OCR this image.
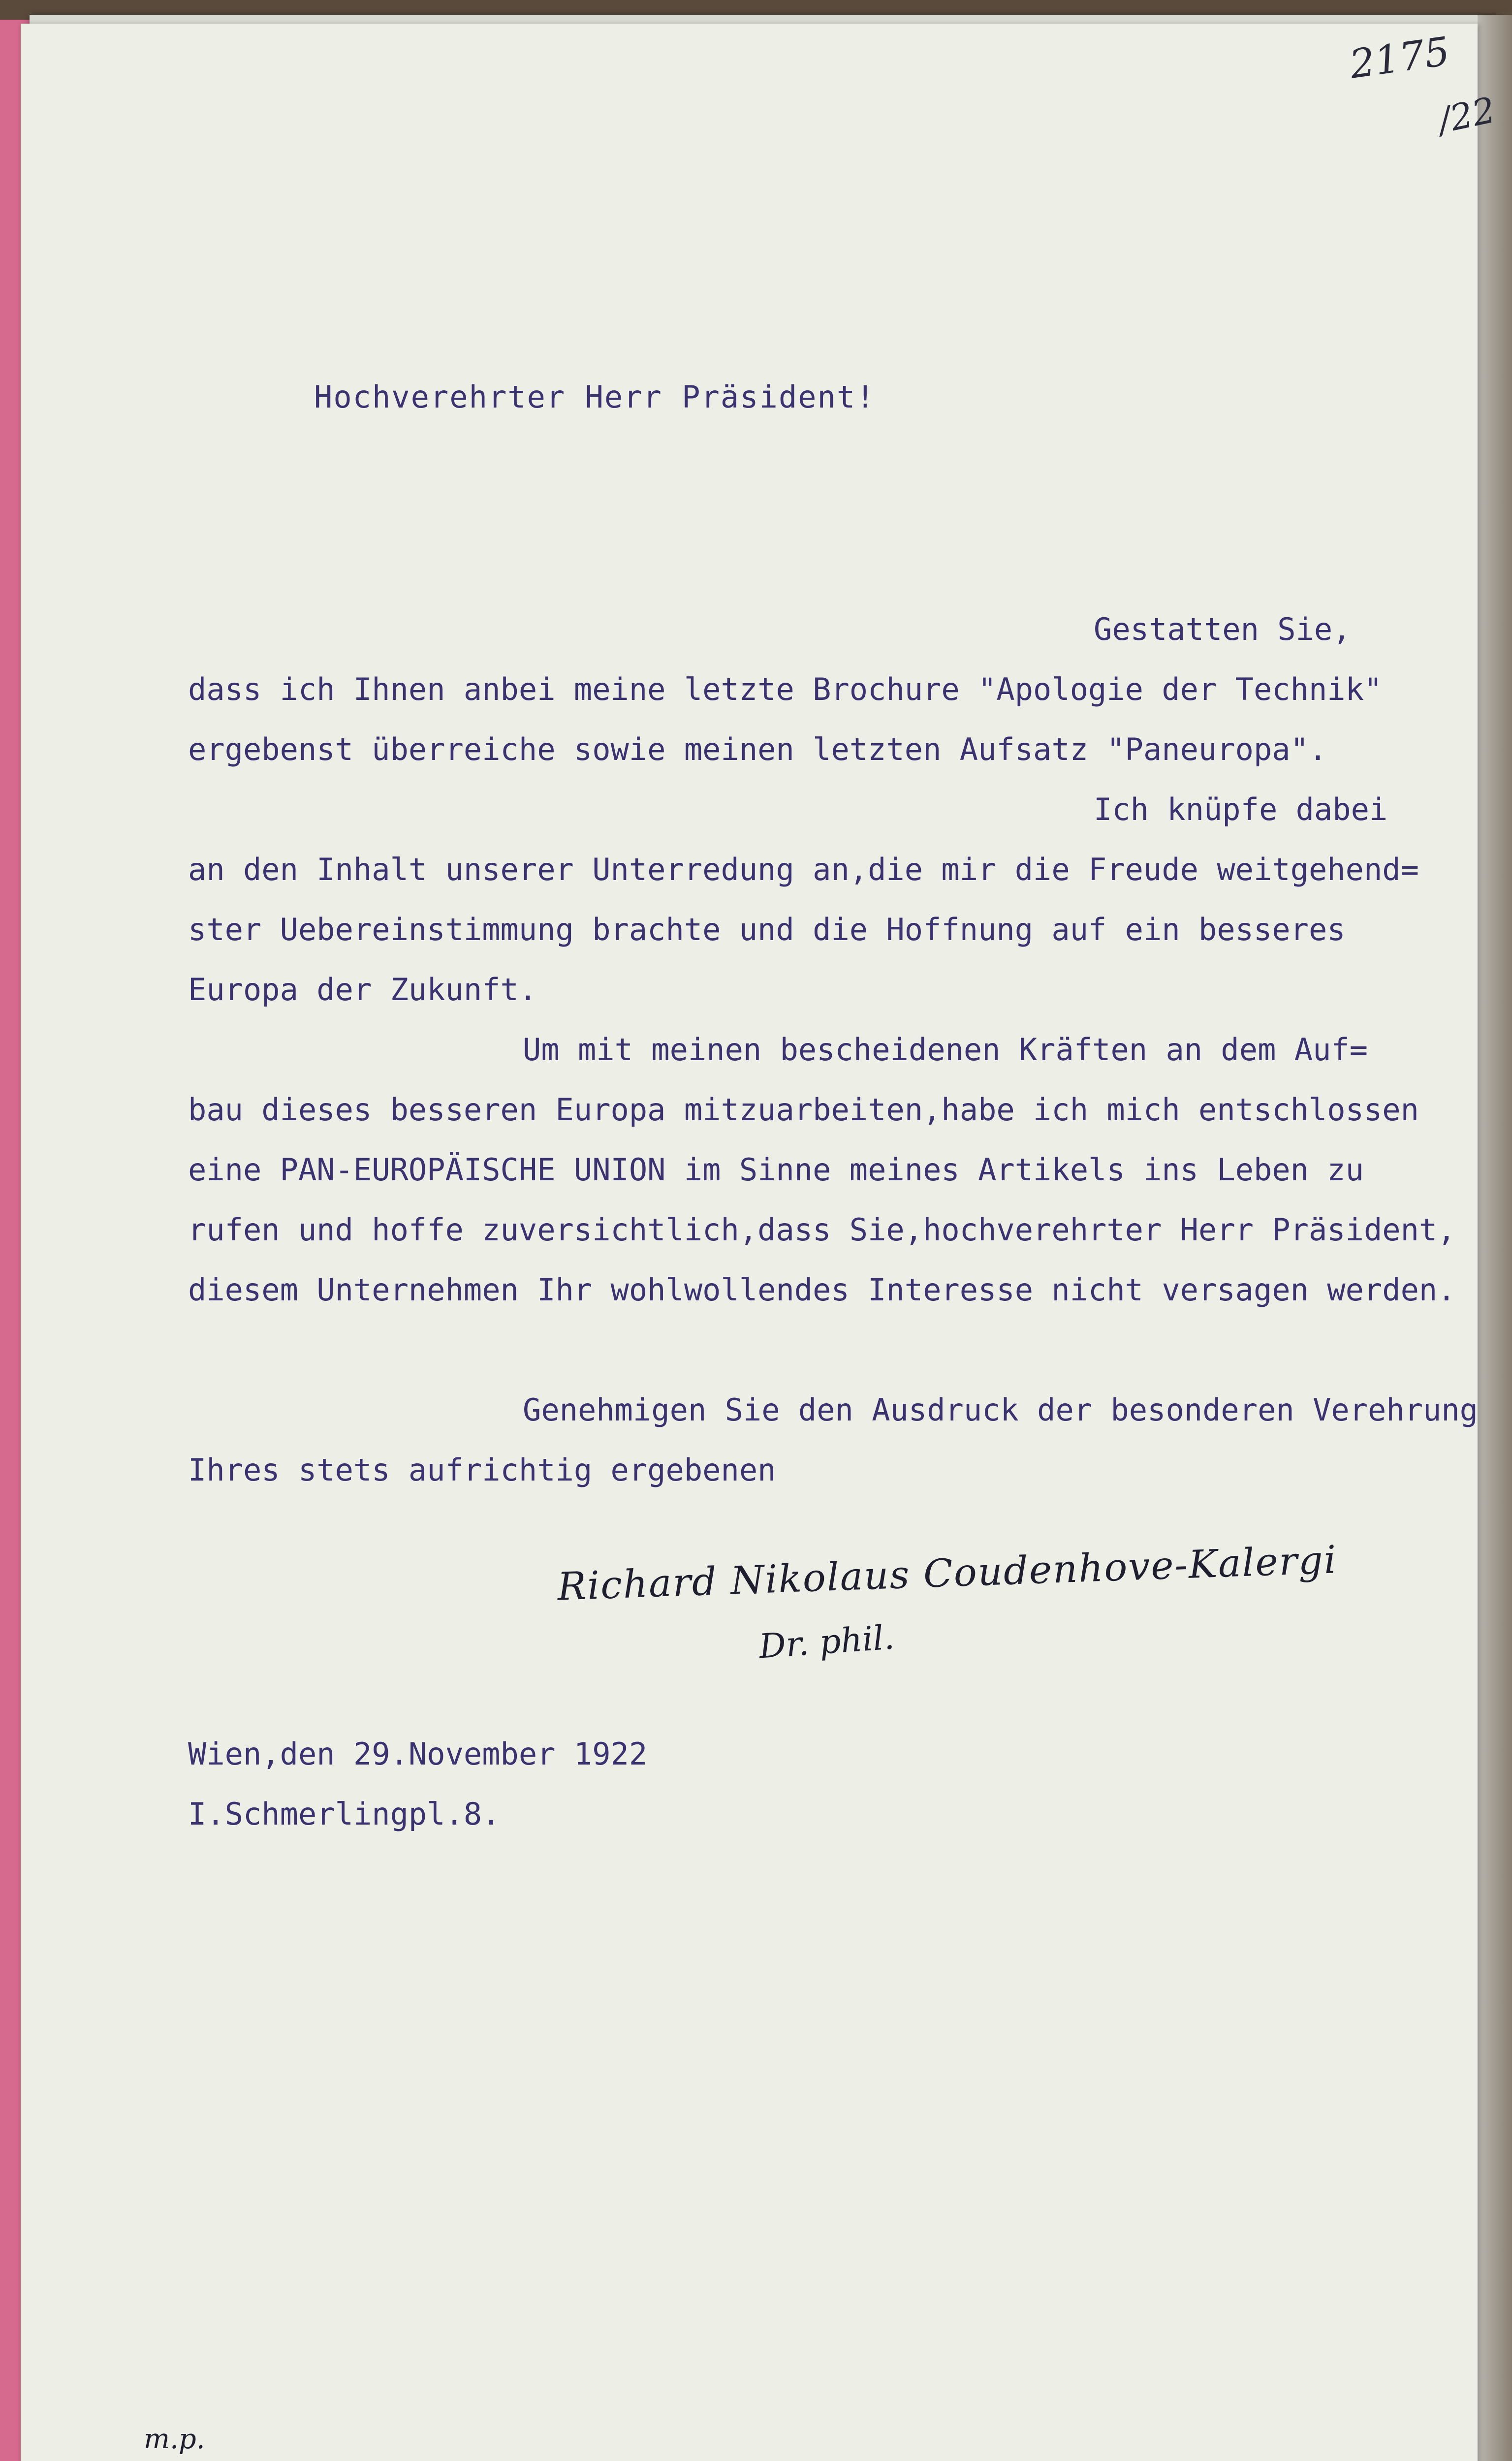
2175
/22
Hochverehrter Herr Präsident!
Gestatten Sie,
dass ich Ihnen anbei meine letzte Brochure "Apologie der Technik"
ergebenst überreiche sowie meinen letzten Aufsatz "Paneuropa".
Ich knüpfe dabei
an den Inhalt unserer Unterredung an,die mir die Freude weitgehend=
ster Uebereinstimmung brachte und die Hoffnung auf ein besseres
Europa der Zukunft.
Um mit meinen bescheidenen Kräften an dem Auf=
bau dieses besseren Europa mitzuarbeiten,habe ich mich entschlossen
eine PAN-EUROPÄISCHE UNION im Sinne meines Artikels ins Leben zu
rufen und hoffe zuversichtlich,dass Sie,hochverehrter Herr Präsident,
diesem Unternehmen Ihr wohlwollendes Interesse nicht versagen werden.
Genehmigen Sie den Ausdruck der besonderen Verehrung
Ihres stets aufrichtig ergebenen
Richard Nikolaus Coudenhove-Kalergi
Dr. phil.
Wien,den 29.November 1922
I.Schmerlingpl.8.
m.p.
